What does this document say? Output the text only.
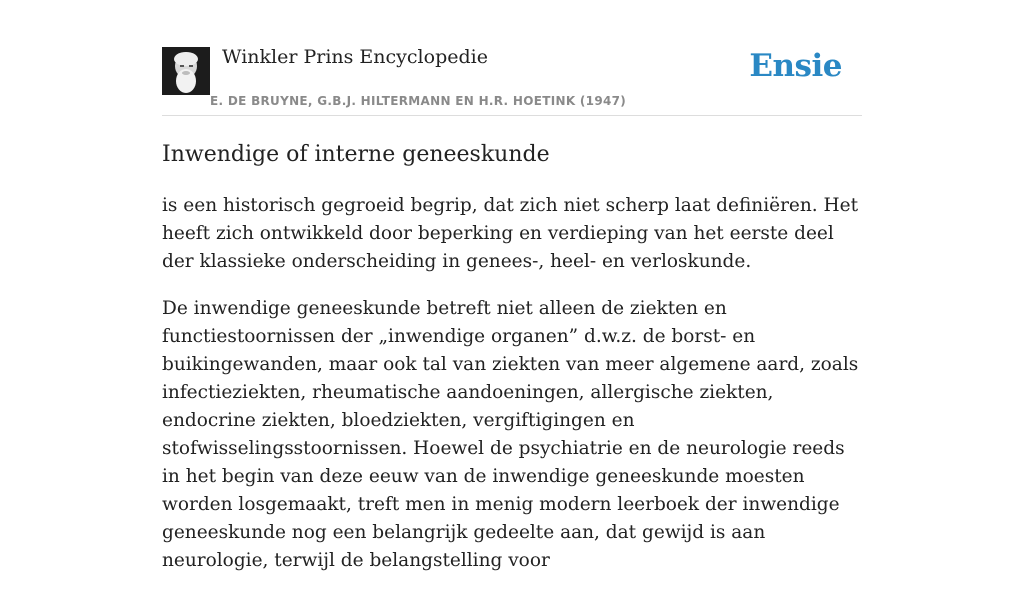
Winkler Prins Encyclopedie
E. DE BRUYNE, G.B.J. HILTERMANN EN H.R. HOETINK (1947)
Ensie
Inwendige of interne geneeskunde

is een historisch gegroeid begrip, dat zich niet scherp laat definiëren. Het heeft zich ontwikkeld door beperking en verdieping van het eerste deel der klassieke onderscheiding in genees-, heel- en verloskunde.

De inwendige geneeskunde betreft niet alleen de ziekten en functiestoornissen der „inwendige organen” d.w.z. de borst- en buikingewanden, maar ook tal van ziekten van meer algemene aard, zoals infectieziekten, rheumatische aandoeningen, allergische ziekten, endocrine ziekten, bloedziekten, vergiftigingen en stofwisselingsstoornissen. Hoewel de psychiatrie en de neurologie reeds in het begin van deze eeuw van de inwendige geneeskunde moesten worden losgemaakt, treft men in menig modern leerboek der inwendige geneeskunde nog een belangrijk gedeelte aan, dat gewijd is aan neurologie, terwijl de belangstelling voor
